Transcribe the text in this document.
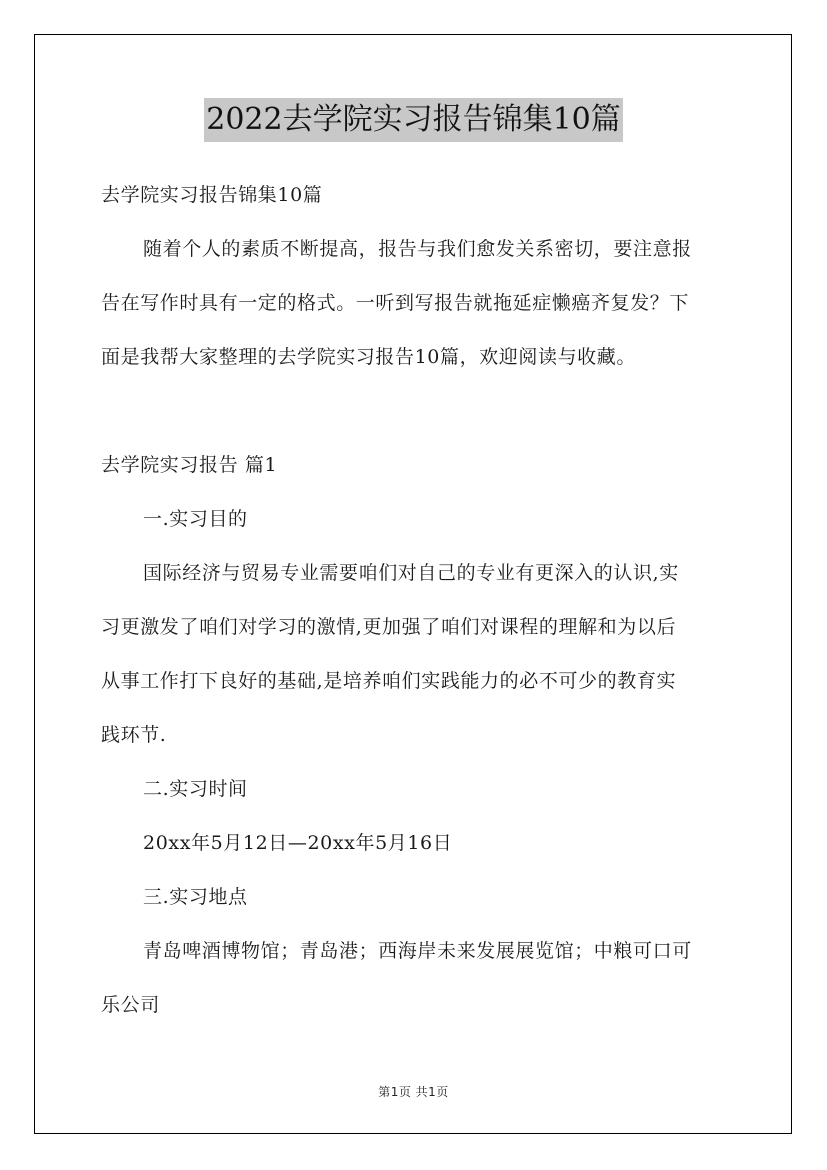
2022去学院实习报告锦集10篇
去学院实习报告锦集10篇
随着个人的素质不断提高，报告与我们愈发关系密切，要注意报
告在写作时具有一定的格式。一听到写报告就拖延症懒癌齐复发？下
面是我帮大家整理的去学院实习报告10篇，欢迎阅读与收藏。
去学院实习报告 篇1
一.实习目的
国际经济与贸易专业需要咱们对自己的专业有更深入的认识,实
习更激发了咱们对学习的激情,更加强了咱们对课程的理解和为以后
从事工作打下良好的基础,是培养咱们实践能力的必不可少的教育实
践环节.
二.实习时间
20xx年5月12日—20xx年5月16日
三.实习地点
青岛啤酒博物馆；青岛港；西海岸未来发展展览馆；中粮可口可
乐公司
第1页 共1页
